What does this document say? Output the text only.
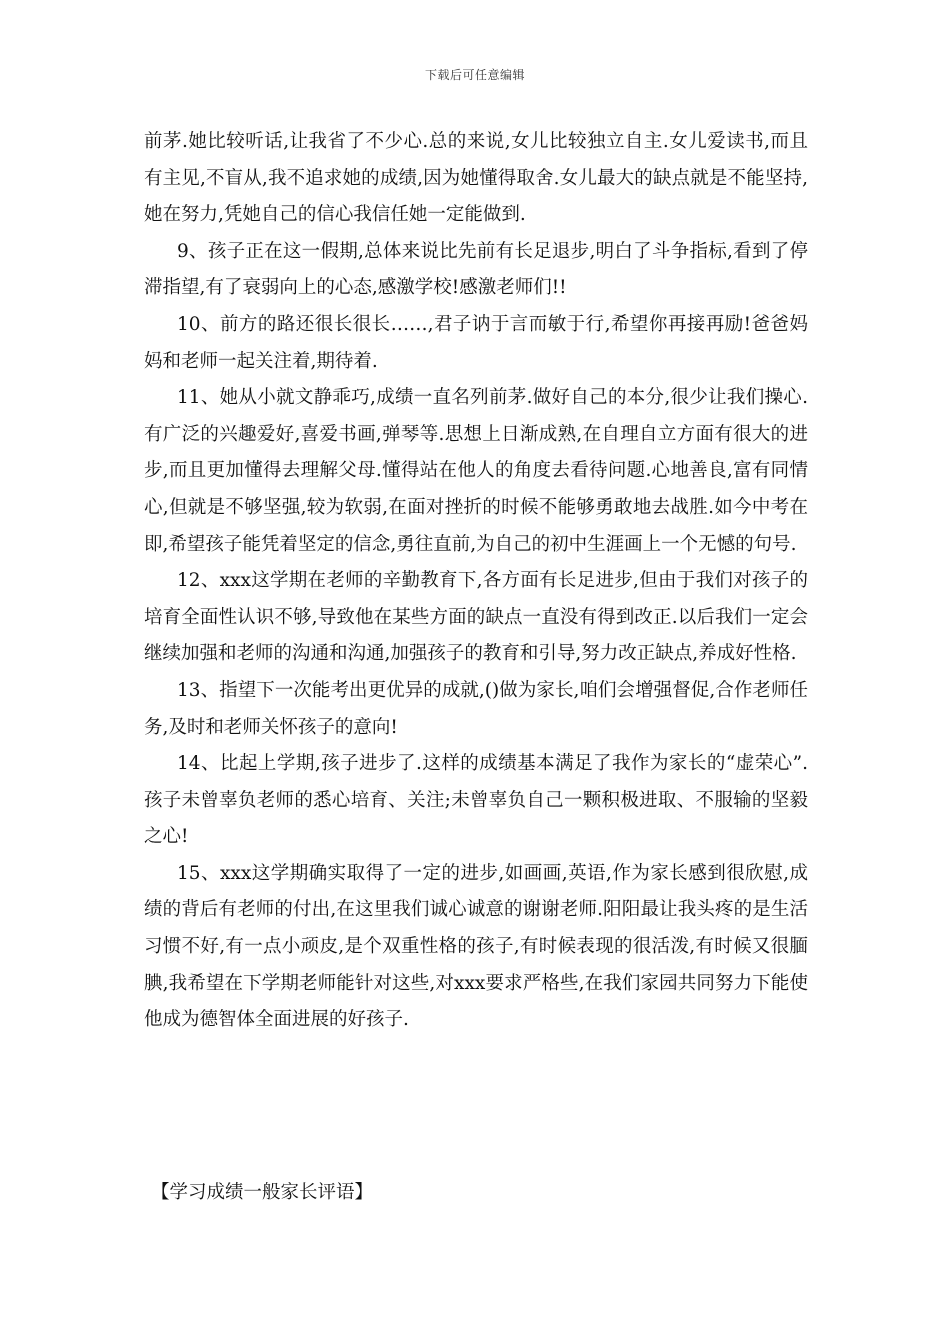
下载后可任意编辑

前茅.她比较听话,让我省了不少心.总的来说,女儿比较独立自主.女儿爱读书,而且有主见,不盲从,我不追求她的成绩,因为她懂得取舍.女儿最大的缺点就是不能坚持,她在努力,凭她自己的信心我信任她一定能做到.

9、孩子正在这一假期,总体来说比先前有长足退步,明白了斗争指标,看到了停滞指望,有了衰弱向上的心态,感激学校!感激老师们!!

10、前方的路还很长很长……,君子讷于言而敏于行,希望你再接再励!爸爸妈妈和老师一起关注着,期待着.

11、她从小就文静乖巧,成绩一直名列前茅.做好自己的本分,很少让我们操心.有广泛的兴趣爱好,喜爱书画,弹琴等.思想上日渐成熟,在自理自立方面有很大的进步,而且更加懂得去理解父母.懂得站在他人的角度去看待问题.心地善良,富有同情心,但就是不够坚强,较为软弱,在面对挫折的时候不能够勇敢地去战胜.如今中考在即,希望孩子能凭着坚定的信念,勇往直前,为自己的初中生涯画上一个无憾的句号.

12、xxx这学期在老师的辛勤教育下,各方面有长足进步,但由于我们对孩子的培育全面性认识不够,导致他在某些方面的缺点一直没有得到改正.以后我们一定会继续加强和老师的沟通和沟通,加强孩子的教育和引导,努力改正缺点,养成好性格.

13、指望下一次能考出更优异的成就,()做为家长,咱们会增强督促,合作老师任务,及时和老师关怀孩子的意向!

14、比起上学期,孩子进步了.这样的成绩基本满足了我作为家长的“虚荣心”.孩子未曾辜负老师的悉心培育、关注;未曾辜负自己一颗积极进取、不服输的坚毅之心!

15、xxx这学期确实取得了一定的进步,如画画,英语,作为家长感到很欣慰,成绩的背后有老师的付出,在这里我们诚心诚意的谢谢老师.阳阳最让我头疼的是生活习惯不好,有一点小顽皮,是个双重性格的孩子,有时候表现的很活泼,有时候又很腼腆,我希望在下学期老师能针对这些,对xxx要求严格些,在我们家园共同努力下能使他成为德智体全面进展的好孩子.

【学习成绩一般家长评语】
